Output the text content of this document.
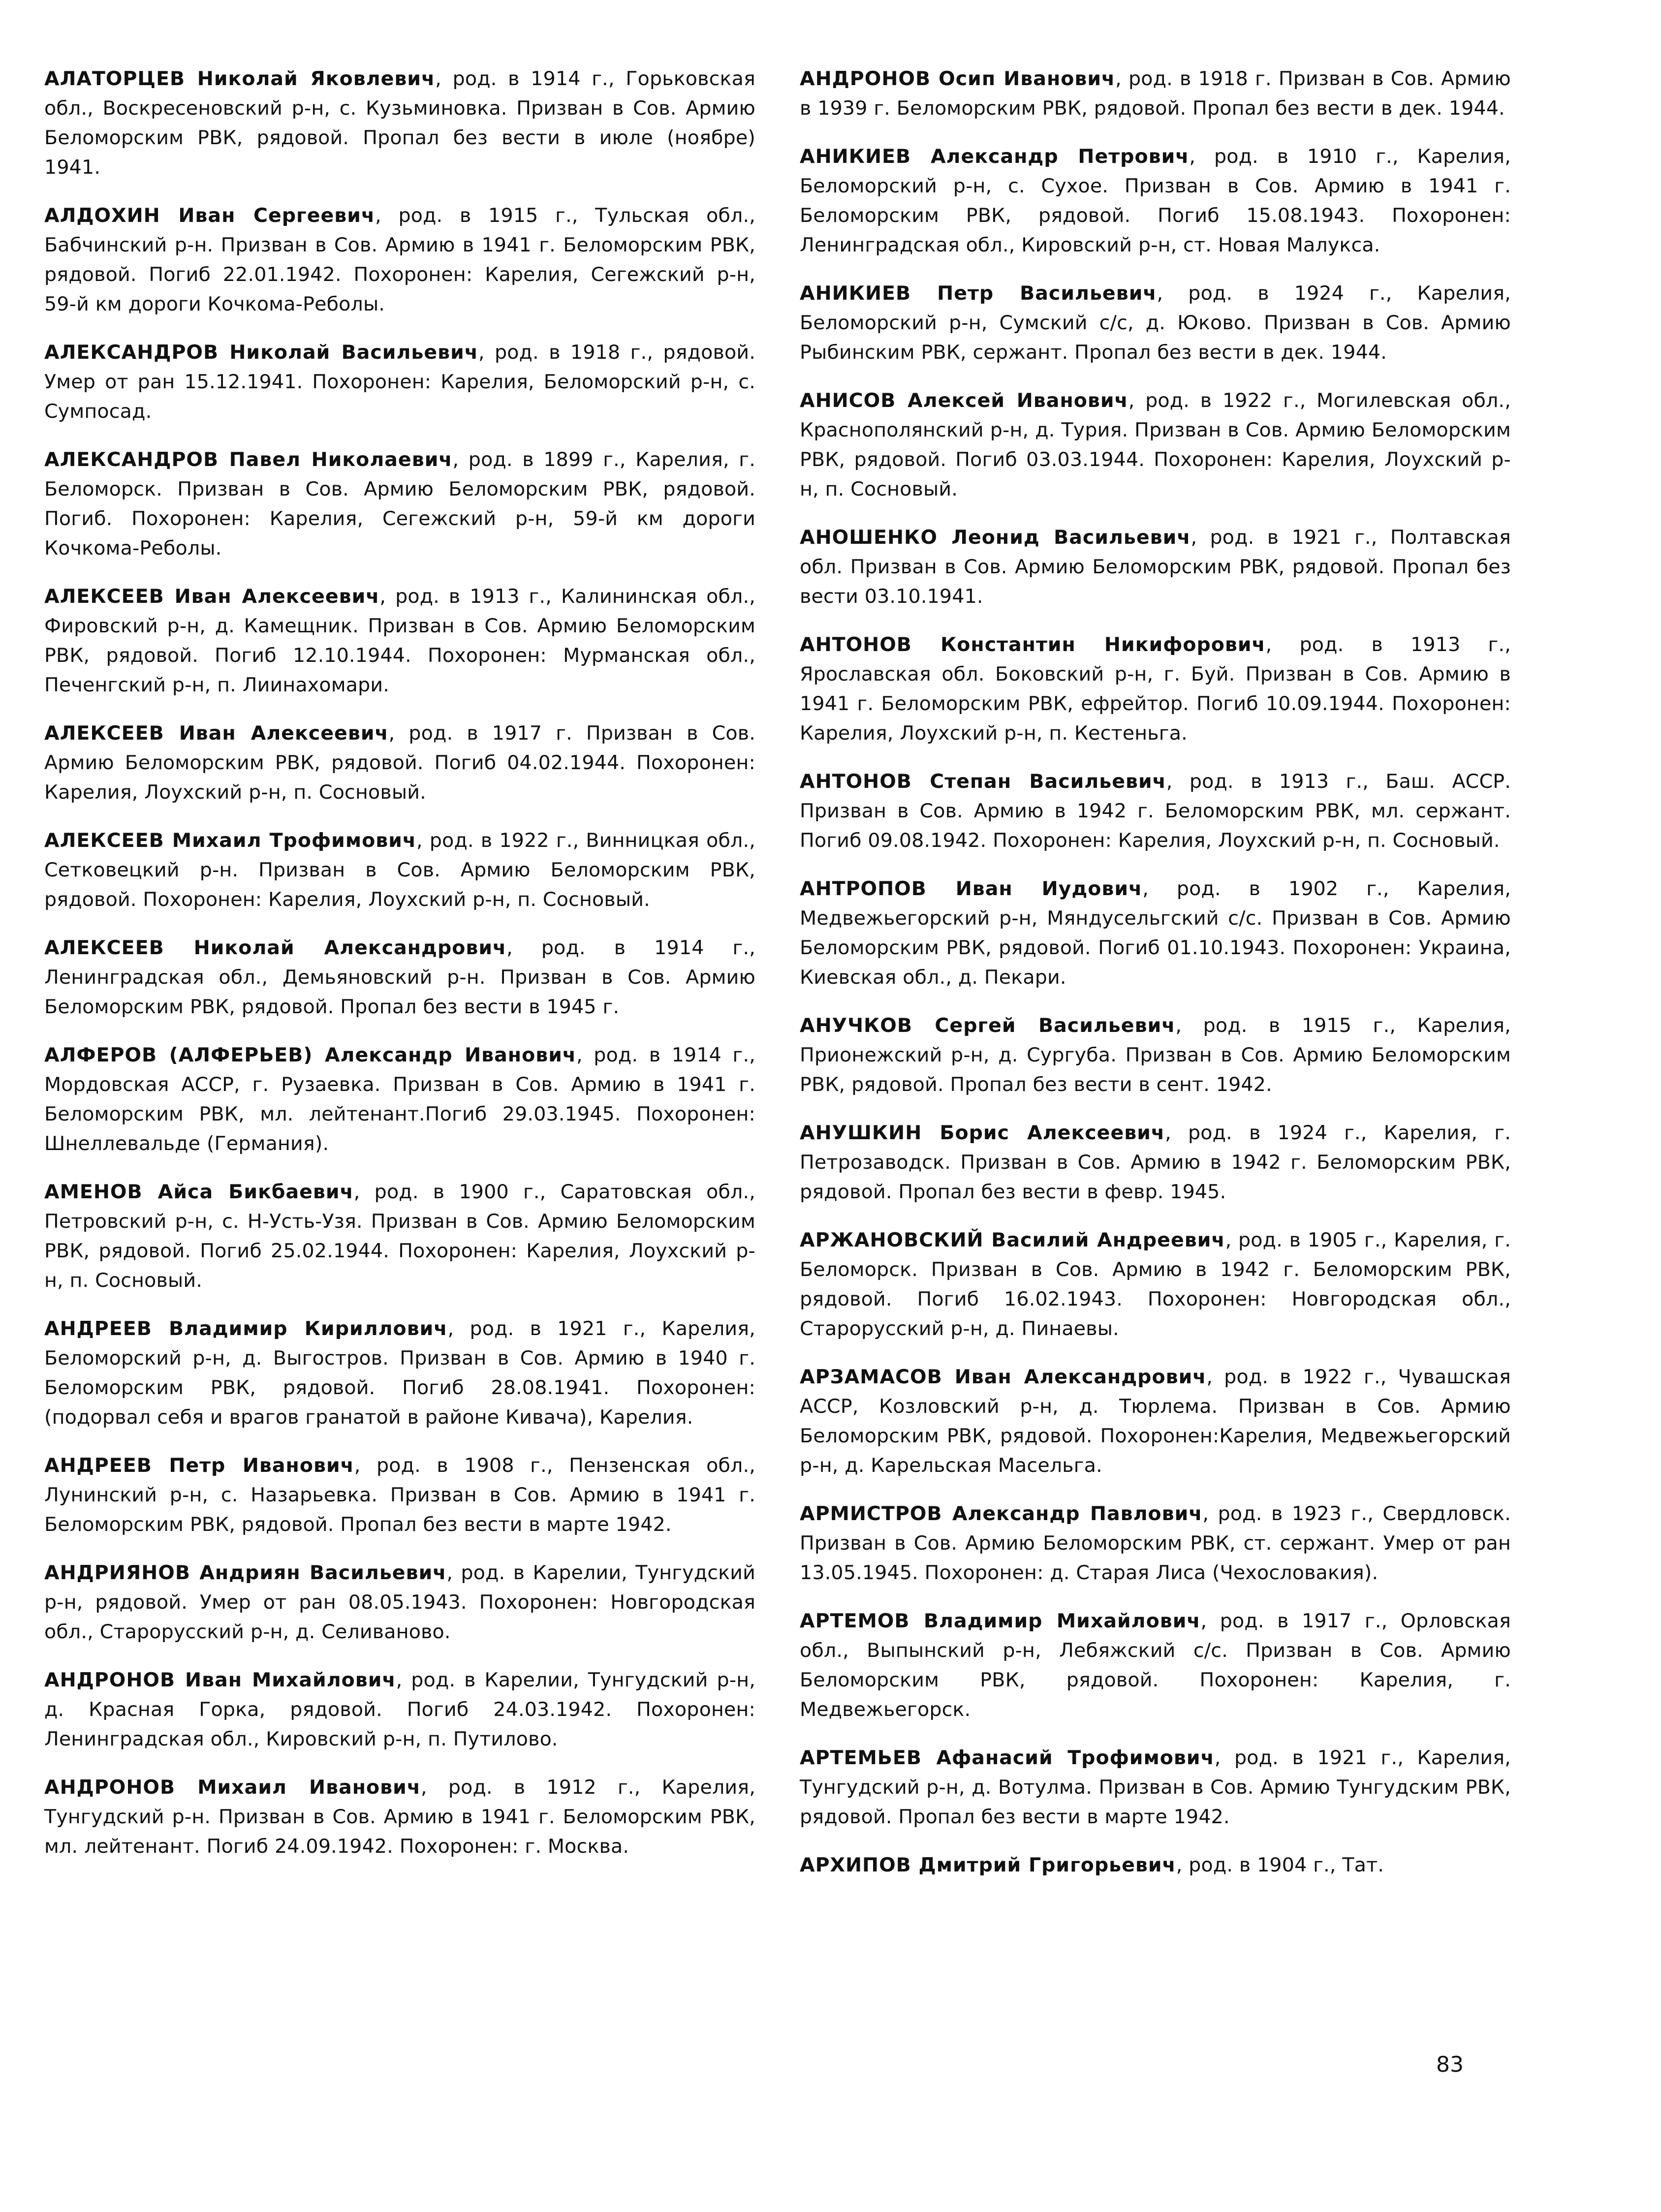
АЛАТОРЦЕВ Николай Яковлевич, род. в 1914 г., Горьковская обл., Воскресеновский р-н, с. Кузьминовка. Призван в Сов. Армию Беломорским РВК, рядовой. Пропал без вести в июле (ноябре) 1941.

АЛДОХИН Иван Сергеевич, род. в 1915 г., Тульская обл., Бабчинский р-н. Призван в Сов. Армию в 1941 г. Беломорским РВК, рядовой. Погиб 22.01.1942. Похоронен: Карелия, Сегежский р-н, 59-й км дороги Кочкома-Реболы.

АЛЕКСАНДРОВ Николай Васильевич, род. в 1918 г., рядовой. Умер от ран 15.12.1941. Похоронен: Карелия, Беломорский р-н, с. Сумпосад.

АЛЕКСАНДРОВ Павел Николаевич, род. в 1899 г., Карелия, г. Беломорск. Призван в Сов. Армию Беломорским РВК, рядовой. Погиб. Похоронен: Карелия, Сегежский р-н, 59-й км дороги Кочкома-Реболы.

АЛЕКСЕЕВ Иван Алексеевич, род. в 1913 г., Калининская обл., Фировский р-н, д. Камещник. Призван в Сов. Армию Беломорским РВК, рядовой. Погиб 12.10.1944. Похоронен: Мурманская обл., Печенгский р-н, п. Лиинахомари.

АЛЕКСЕЕВ Иван Алексеевич, род. в 1917 г. Призван в Сов. Армию Беломорским РВК, рядовой. Погиб 04.02.1944. Похоронен: Карелия, Лоухский р-н, п. Сосновый.

АЛЕКСЕЕВ Михаил Трофимович, род. в 1922 г., Винницкая обл., Сетковецкий р-н. Призван в Сов. Армию Беломорским РВК, рядовой. Похоронен: Карелия, Лоухский р-н, п. Сосновый.

АЛЕКСЕЕВ Николай Александрович, род. в 1914 г., Ленинградская обл., Демьяновский р-н. Призван в Сов. Армию Беломорским РВК, рядовой. Пропал без вести в 1945 г.

АЛФЕРОВ (АЛФЕРЬЕВ) Александр Иванович, род. в 1914 г., Мордовская АССР, г. Рузаевка. Призван в Сов. Армию в 1941 г. Беломорским РВК, мл. лейтенант.Погиб 29.03.1945. Похоронен: Шнеллевальде (Германия).

АМЕНОВ Айса Бикбаевич, род. в 1900 г., Саратовская обл., Петровский р-н, с. Н-Усть-Узя. Призван в Сов. Армию Беломорским РВК, рядовой. Погиб 25.02.1944. Похоронен: Карелия, Лоухский р-н, п. Сосновый.

АНДРЕЕВ Владимир Кириллович, род. в 1921 г., Карелия, Беломорский р-н, д. Выгостров. Призван в Сов. Армию в 1940 г. Беломорским РВК, рядовой. Погиб 28.08.1941. Похоронен: (подорвал себя и врагов гранатой в районе Кивача), Карелия.

АНДРЕЕВ Петр Иванович, род. в 1908 г., Пензенская обл., Лунинский р-н, с. Назарьевка. Призван в Сов. Армию в 1941 г. Беломорским РВК, рядовой. Пропал без вести в марте 1942.

АНДРИЯНОВ Андриян Васильевич, род. в Карелии, Тунгудский р-н, рядовой. Умер от ран 08.05.1943. Похоронен: Новгородская обл., Старорусский р-н, д. Селиваново.

АНДРОНОВ Иван Михайлович, род. в Карелии, Тунгудский р-н, д. Красная Горка, рядовой. Погиб 24.03.1942. Похоронен: Ленинградская обл., Кировский р-н, п. Путилово.

АНДРОНОВ Михаил Иванович, род. в 1912 г., Карелия, Тунгудский р-н. Призван в Сов. Армию в 1941 г. Беломорским РВК, мл. лейтенант. Погиб 24.09.1942. Похоронен: г. Москва.

АНДРОНОВ Осип Иванович, род. в 1918 г. Призван в Сов. Армию в 1939 г. Беломорским РВК, рядовой. Пропал без вести в дек. 1944.

АНИКИЕВ Александр Петрович, род. в 1910 г., Карелия, Беломорский р-н, с. Сухое. Призван в Сов. Армию в 1941 г. Беломорским РВК, рядовой. Погиб 15.08.1943. Похоронен: Ленинградская обл., Кировский р-н, ст. Новая Малукса.

АНИКИЕВ Петр Васильевич, род. в 1924 г., Карелия, Беломорский р-н, Сумский с/с, д. Юково. Призван в Сов. Армию Рыбинским РВК, сержант. Пропал без вести в дек. 1944.

АНИСОВ Алексей Иванович, род. в 1922 г., Могилевская обл., Краснополянский р-н, д. Турия. Призван в Сов. Армию Беломорским РВК, рядовой. Погиб 03.03.1944. Похоронен: Карелия, Лоухский р-н, п. Сосновый.

АНОШЕНКО Леонид Васильевич, род. в 1921 г., Полтавская обл. Призван в Сов. Армию Беломорским РВК, рядовой. Пропал без вести 03.10.1941.

АНТОНОВ Константин Никифорович, род. в 1913 г., Ярославская обл. Боковский р-н, г. Буй. Призван в Сов. Армию в 1941 г. Беломорским РВК, ефрейтор. Погиб 10.09.1944. Похоронен: Карелия, Лоухский р-н, п. Кестеньга.

АНТОНОВ Степан Васильевич, род. в 1913 г., Баш. АССР. Призван в Сов. Армию в 1942 г. Беломорским РВК, мл. сержант. Погиб 09.08.1942. Похоронен: Карелия, Лоухский р-н, п. Сосновый.

АНТРОПОВ Иван Иудович, род. в 1902 г., Карелия, Медвежьегорский р-н, Мяндусельгский с/с. Призван в Сов. Армию Беломорским РВК, рядовой. Погиб 01.10.1943. Похоронен: Украина, Киевская обл., д. Пекари.

АНУЧКОВ Сергей Васильевич, род. в 1915 г., Карелия, Прионежский р-н, д. Сургуба. Призван в Сов. Армию Беломорским РВК, рядовой. Пропал без вести в сент. 1942.

АНУШКИН Борис Алексеевич, род. в 1924 г., Карелия, г. Петрозаводск. Призван в Сов. Армию в 1942 г. Беломорским РВК, рядовой. Пропал без вести в февр. 1945.

АРЖАНОВСКИЙ Василий Андреевич, род. в 1905 г., Карелия, г. Беломорск. Призван в Сов. Армию в 1942 г. Беломорским РВК, рядовой. Погиб 16.02.1943. Похоронен: Новгородская обл., Старорусский р-н, д. Пинаевы.

АРЗАМАСОВ Иван Александрович, род. в 1922 г., Чувашская АССР, Козловский р-н, д. Тюрлема. Призван в Сов. Армию Беломорским РВК, рядовой. Похоронен:Карелия, Медвежьегорский р-н, д. Карельская Масельга.

АРМИСТРОВ Александр Павлович, род. в 1923 г., Свердловск. Призван в Сов. Армию Беломорским РВК, ст. сержант. Умер от ран 13.05.1945. Похоронен: д. Старая Лиса (Чехословакия).

АРТЕМОВ Владимир Михайлович, род. в 1917 г., Орловская обл., Выпынский р-н, Лебяжский с/с. Призван в Сов. Армию Беломорским РВК, рядовой. Похоронен: Карелия, г. Медвежьегорск.

АРТЕМЬЕВ Афанасий Трофимович, род. в 1921 г., Карелия, Тунгудский р-н, д. Вотулма. Призван в Сов. Армию Тунгудским РВК, рядовой. Пропал без вести в марте 1942.

АРХИПОВ Дмитрий Григорьевич, род. в 1904 г., Тат.

83
